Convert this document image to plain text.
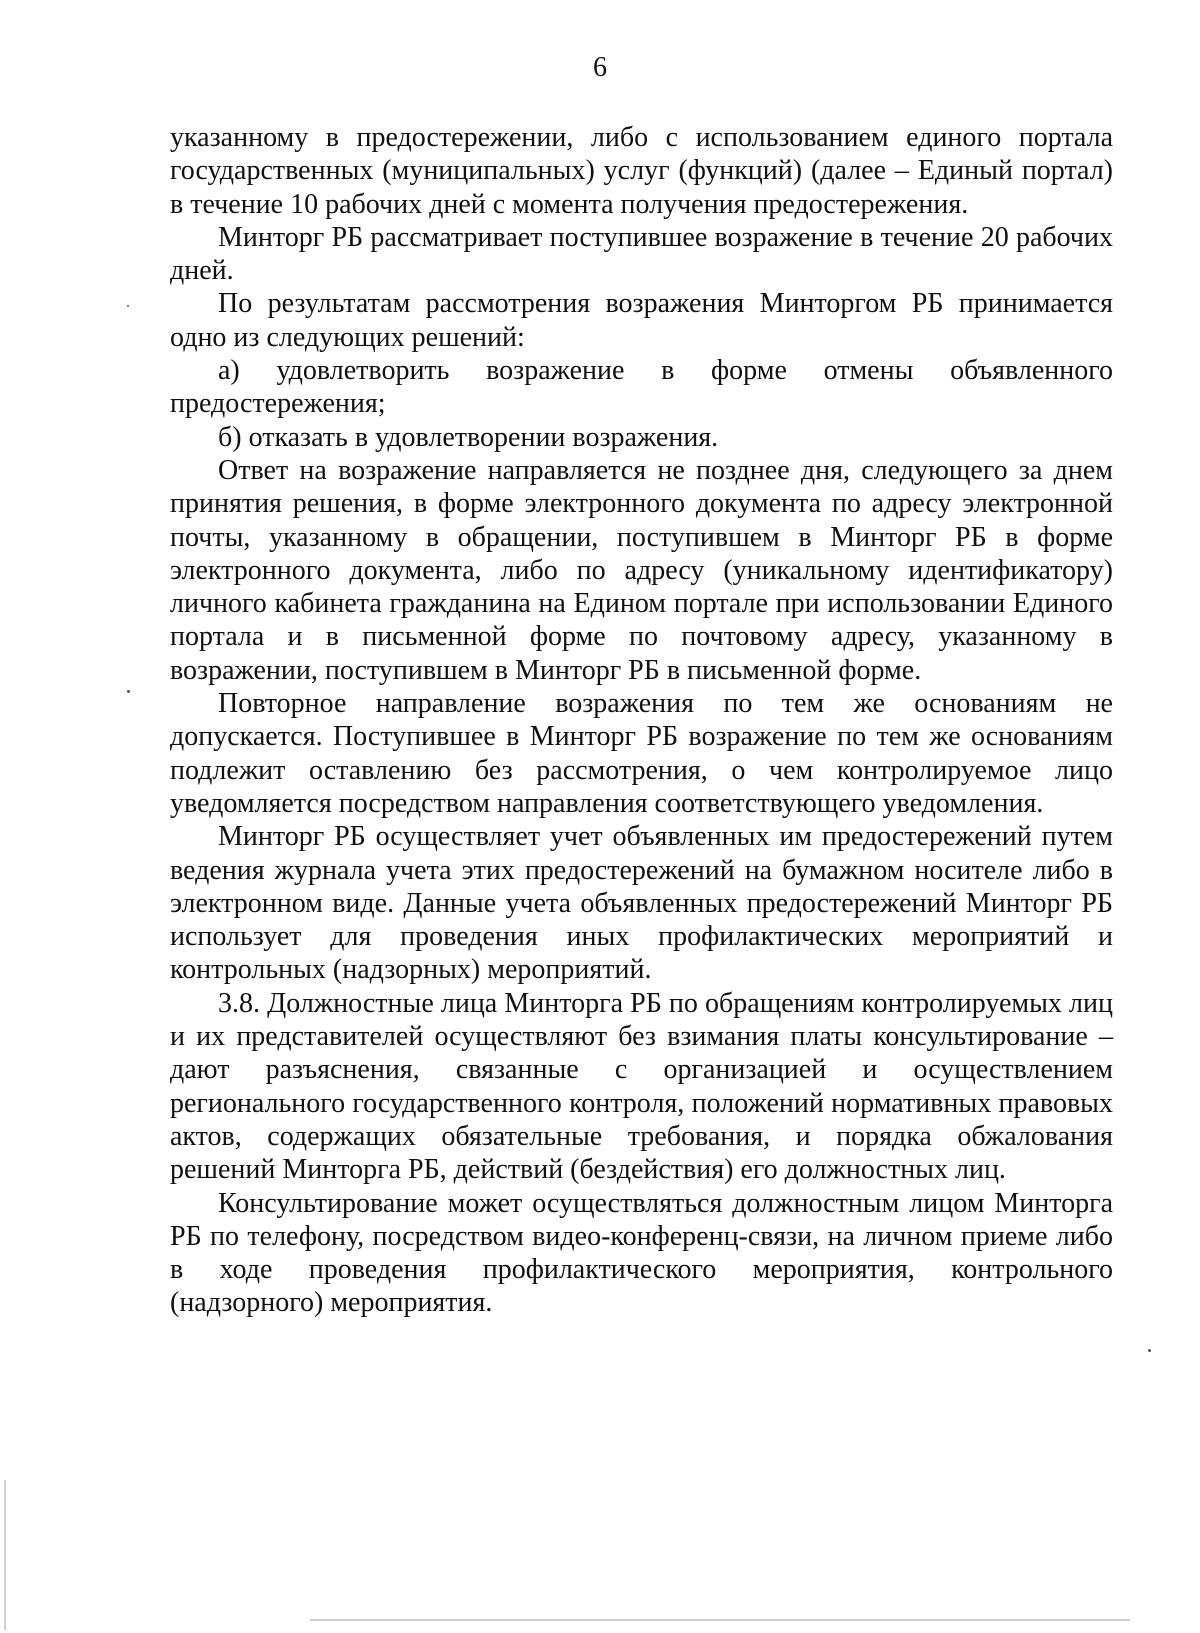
6

указанному в предостережении, либо с использованием единого портала государственных (муниципальных) услуг (функций) (далее – Единый портал) в течение 10 рабочих дней с момента получения предостережения.

Минторг РБ рассматривает поступившее возражение в течение 20 рабочих дней.

По результатам рассмотрения возражения Минторгом РБ принимается одно из следующих решений:

а) удовлетворить возражение в форме отмены объявленного предостережения;

б) отказать в удовлетворении возражения.

Ответ на возражение направляется не позднее дня, следующего за днем принятия решения, в форме электронного документа по адресу электронной почты, указанному в обращении, поступившем в Минторг РБ в форме электронного документа, либо по адресу (уникальному идентификатору) личного кабинета гражданина на Едином портале при использовании Единого портала и в письменной форме по почтовому адресу, указанному в возражении, поступившем в Минторг РБ в письменной форме.

Повторное направление возражения по тем же основаниям не допускается. Поступившее в Минторг РБ возражение по тем же основаниям подлежит оставлению без рассмотрения, о чем контролируемое лицо уведомляется посредством направления соответствующего уведомления.

Минторг РБ осуществляет учет объявленных им предостережений путем ведения журнала учета этих предостережений на бумажном носителе либо в электронном виде. Данные учета объявленных предостережений Минторг РБ использует для проведения иных профилактических мероприятий и контрольных (надзорных) мероприятий.

3.8. Должностные лица Минторга РБ по обращениям контролируемых лиц и их представителей осуществляют без взимания платы консультирование – дают разъяснения, связанные с организацией и осуществлением регионального государственного контроля, положений нормативных правовых актов, содержащих обязательные требования, и порядка обжалования решений Минторга РБ, действий (бездействия) его должностных лиц.

Консультирование может осуществляться должностным лицом Минторга РБ по телефону, посредством видео-конференц-связи, на личном приеме либо в ходе проведения профилактического мероприятия, контрольного (надзорного) мероприятия.
